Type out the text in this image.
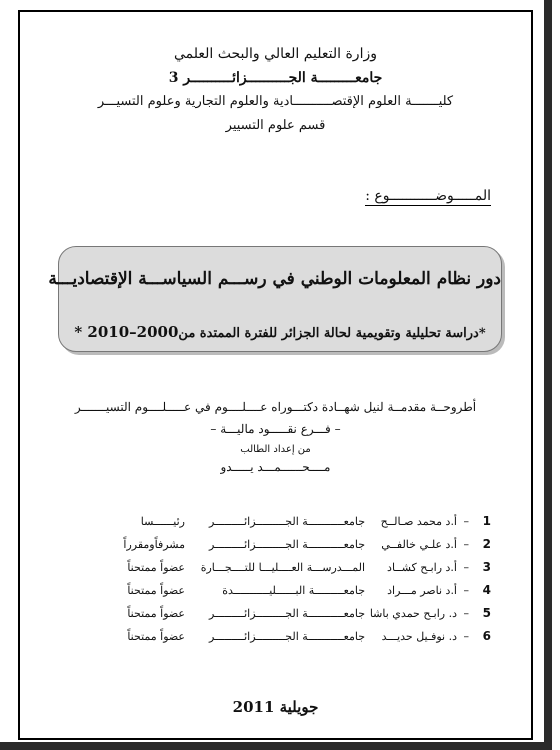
وزارة التعليم العالي والبحث العلمي
جامعـــــــــة الجــــــــــزائــــــــــر 3
كليـــــــة العلوم الإقتصــــــــــادية والعلوم التجارية وعلوم التسيـــر
قسم علوم التسيير
المـــــوضـــــــــــوع :
دور نظام المعلومات الوطني في رســـم السياســـة الإقتصاديـــة
*دراسة تحليلية وتقويمية لحالة الجزائر للفترة الممتدة من2000–2010 *
أطروحــة مقدمــة لنيل شهــادة دكتـــوراه عــــلــــوم في عـــــلــــوم التسيـــــــر
– فـــرع نقـــــود ماليـــة –
من إعداد الطالب
مــــحــــــمـــد يـــــدو
1
–
أ.د محمد صـالــح
جامعـــــــــــة الجـــــــــزائـــــــــر
رئيــــــسا
2
–
أ.د علـي خالفــي
جامعـــــــــــة الجـــــــــزائـــــــــر
مشرفاًومقرراً
3
–
أ.د رابـح كشــاد
المـــدرســـة العــــليـــا للتــــجـــارة
عضواً ممتحناً
4
–
أ.د ناصر مـــراد
جامعـــــــــة البــــــليـــــــــــدة
عضواً ممتحناً
5
–
د. رابـح حمدي باشا
جامعـــــــــــة الجـــــــــزائـــــــــر
عضواً ممتحناً
6
–
د. نوفـيل حديـــد
جامعـــــــــــة الجـــــــــزائـــــــــر
عضواً ممتحناً
جويلية 2011
